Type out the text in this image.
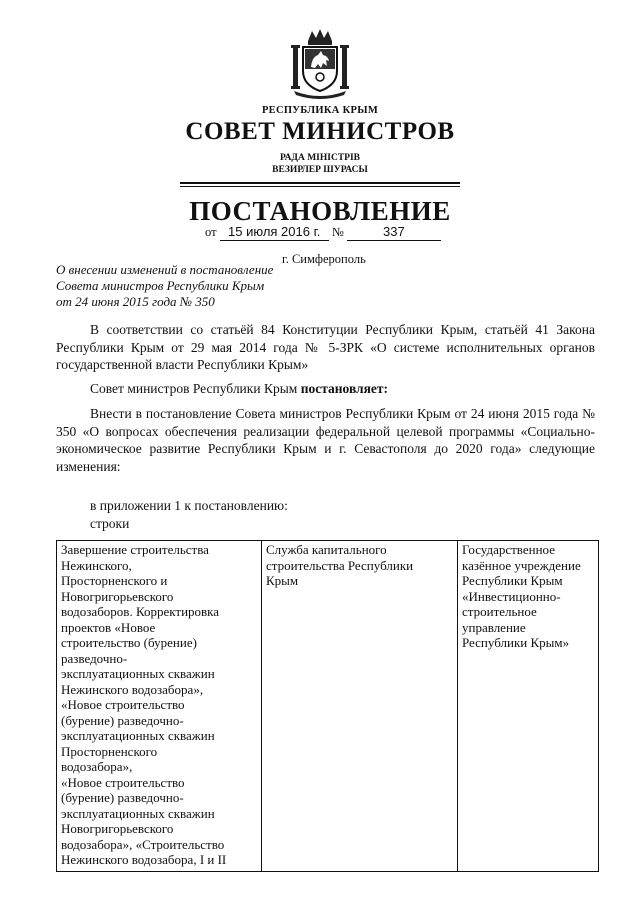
РЕСПУБЛИКА КРЫМ
СОВЕТ МИНИСТРОВ
РАДА МІНІСТРІВ
ВЕЗИРЛЕР ШУРАСЫ
ПОСТАНОВЛЕНИЕ
от 15 июля 2016 г. №	337
г. Симферополь
О внесении изменений в постановление
Совета министров Республики Крым
от 24 июня 2015 года № 350
В соответствии со статьёй 84 Конституции Республики Крым, статьёй 41 Закона Республики Крым от 29 мая 2014 года № 5-ЗРК «О системе исполнительных органов государственной власти Республики Крым»
Совет министров Республики Крым постановляет:
Внести в постановление Совета министров Республики Крым от 24 июня 2015 года № 350 «О вопросах обеспечения реализации федеральной целевой программы «Социально-экономическое развитие Республики Крым и г. Севастополя до 2020 года» следующие изменения:
в приложении 1 к постановлению:
строки
Завершение строительства
Нежинского,
Просторненского и
Новогригорьевского
водозаборов. Корректировка
проектов «Новое
строительство (бурение)
разведочно-
эксплуатационных скважин
Нежинского водозабора»,
«Новое строительство
(бурение) разведочно-
эксплуатационных скважин
Просторненского
водозабора»,
«Новое строительство
(бурение) разведочно-
эксплуатационных скважин
Новогригорьевского
водозабора», «Строительство
Нежинского водозабора, I и II

Служба капитального
строительства Республики
Крым

Государственное
казённое учреждение
Республики Крым
«Инвестиционно-
строительное
управление
Республики Крым»
